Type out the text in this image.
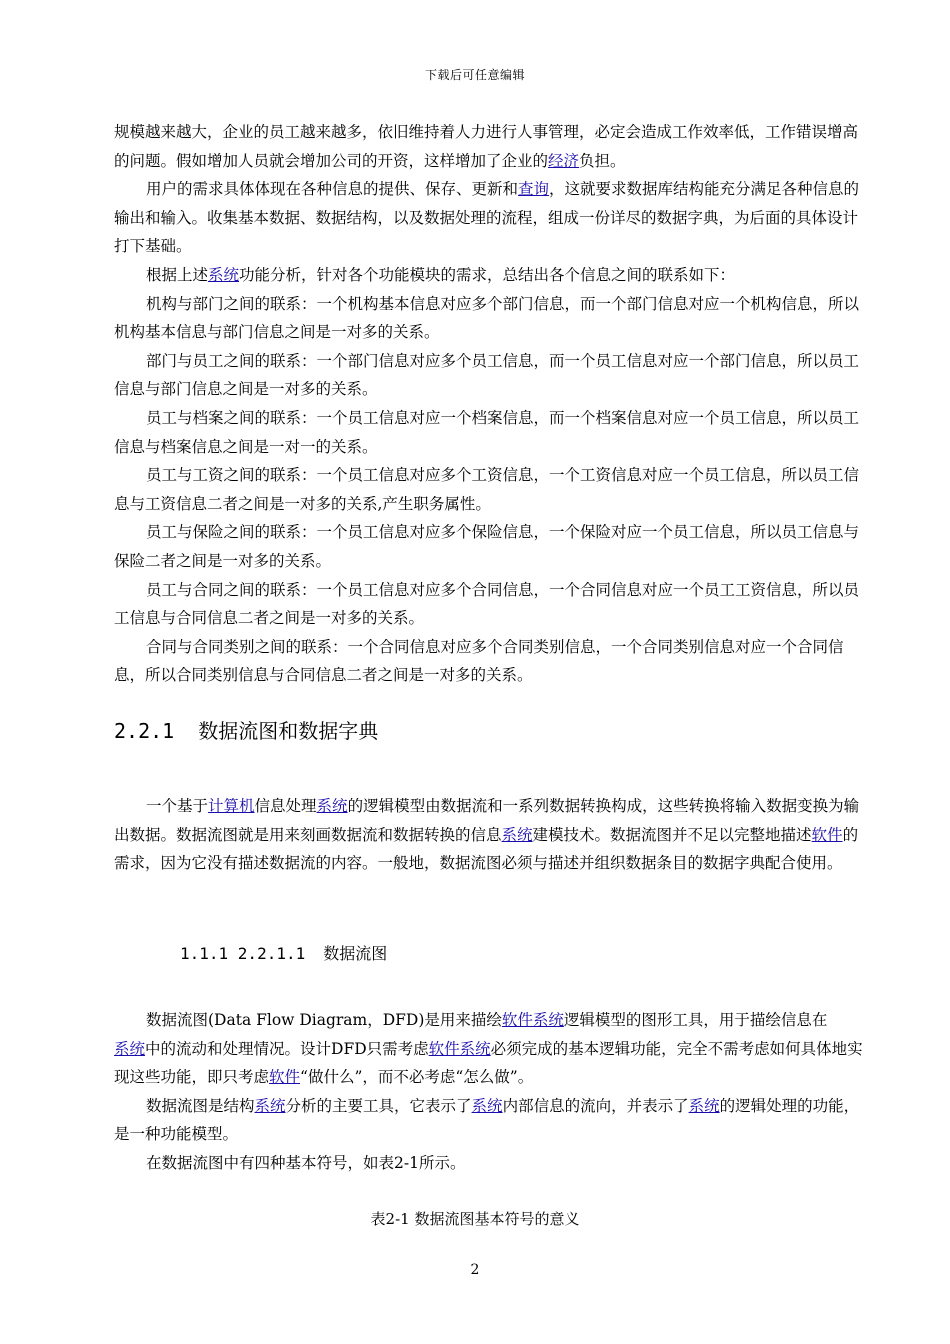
下载后可任意编辑

规模越来越大，企业的员工越来越多，依旧维持着人力进行人事管理，必定会造成工作效率低，工作错误增高的问题。假如增加人员就会增加公司的开资，这样增加了企业的经济负担。

用户的需求具体体现在各种信息的提供、保存、更新和查询，这就要求数据库结构能充分满足各种信息的输出和输入。收集基本数据、数据结构，以及数据处理的流程，组成一份详尽的数据字典，为后面的具体设计打下基础。

根据上述系统功能分析，针对各个功能模块的需求，总结出各个信息之间的联系如下：

机构与部门之间的联系：一个机构基本信息对应多个部门信息，而一个部门信息对应一个机构信息，所以机构基本信息与部门信息之间是一对多的关系。

部门与员工之间的联系：一个部门信息对应多个员工信息，而一个员工信息对应一个部门信息，所以员工信息与部门信息之间是一对多的关系。

员工与档案之间的联系：一个员工信息对应一个档案信息，而一个档案信息对应一个员工信息，所以员工信息与档案信息之间是一对一的关系。

员工与工资之间的联系：一个员工信息对应多个工资信息，一个工资信息对应一个员工信息，所以员工信息与工资信息二者之间是一对多的关系,产生职务属性。

员工与保险之间的联系：一个员工信息对应多个保险信息，一个保险对应一个员工信息，所以员工信息与保险二者之间是一对多的关系。

员工与合同之间的联系：一个员工信息对应多个合同信息，一个合同信息对应一个员工工资信息，所以员工信息与合同信息二者之间是一对多的关系。

合同与合同类别之间的联系：一个合同信息对应多个合同类别信息，一个合同类别信息对应一个合同信息，所以合同类别信息与合同信息二者之间是一对多的关系。

2.2.1 数据流图和数据字典

一个基于计算机信息处理系统的逻辑模型由数据流和一系列数据转换构成，这些转换将输入数据变换为输出数据。数据流图就是用来刻画数据流和数据转换的信息系统建模技术。数据流图并不足以完整地描述软件的需求，因为它没有描述数据流的内容。一般地，数据流图必须与描述并组织数据条目的数据字典配合使用。

1.1.1 2.2.1.1 数据流图

数据流图(Data Flow Diagram，DFD)是用来描绘软件系统逻辑模型的图形工具，用于描绘信息在
系统中的流动和处理情况。设计DFD只需考虑软件系统必须完成的基本逻辑功能，完全不需考虑如何具体地实现这些功能，即只考虑软件“做什么”，而不必考虑“怎么做”。

数据流图是结构系统分析的主要工具，它表示了系统内部信息的流向，并表示了系统的逻辑处理的功能，是一种功能模型。

在数据流图中有四种基本符号，如表2-1所示。

表2-1 数据流图基本符号的意义
2
